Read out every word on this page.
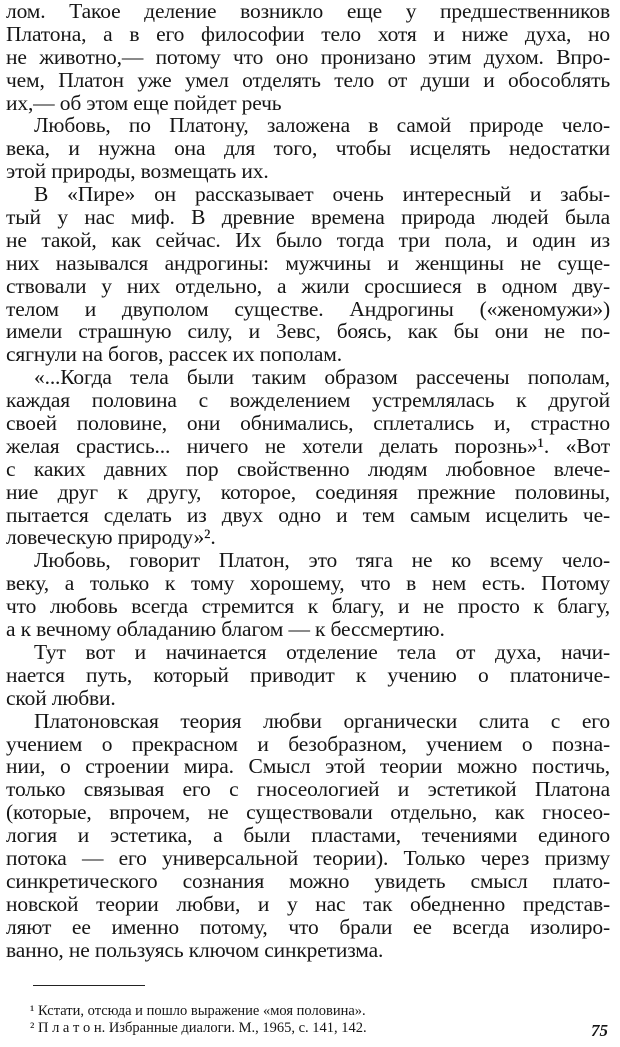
лом. Такое деление возникло еще у предшественников
Платона, а в его философии тело хотя и ниже духа, но
не животно,— потому что оно пронизано этим духом. Впро-
чем, Платон уже умел отделять тело от души и обособлять
их,— об этом еще пойдет речь
Любовь, по Платону, заложена в самой природе чело-
века, и нужна она для того, чтобы исцелять недостатки
этой природы, возмещать их.
В «Пире» он рассказывает очень интересный и забы-
тый у нас миф. В древние времена природа людей была
не такой, как сейчас. Их было тогда три пола, и один из
них назывался андрогины: мужчины и женщины не суще-
ствовали у них отдельно, а жили сросшиеся в одном дву-
телом и двуполом существе. Андрогины («женомужи»)
имели страшную силу, и Зевс, боясь, как бы они не по-
сягнули на богов, рассек их пополам.
«...Когда тела были таким образом рассечены пополам,
каждая половина с вожделением устремлялась к другой
своей половине, они обнимались, сплетались и, страстно
желая срастись... ничего не хотели делать порознь»¹. «Вот
с каких давних пор свойственно людям любовное влече-
ние друг к другу, которое, соединяя прежние половины,
пытается сделать из двух одно и тем самым исцелить че-
ловеческую природу»².
Любовь, говорит Платон, это тяга не ко всему чело-
веку, а только к тому хорошему, что в нем есть. Потому
что любовь всегда стремится к благу, и не просто к благу,
а к вечному обладанию благом — к бессмертию.
Тут вот и начинается отделение тела от духа, начи-
нается путь, который приводит к учению о платониче-
ской любви.
Платоновская теория любви органически слита с его
учением о прекрасном и безобразном, учением о позна-
нии, о строении мира. Смысл этой теории можно постичь,
только связывая его с гносеологией и эстетикой Платона
(которые, впрочем, не существовали отдельно, как гносео-
логия и эстетика, а были пластами, течениями единого
потока — его универсальной теории). Только через призму
синкретического сознания можно увидеть смысл плато-
новской теории любви, и у нас так обедненно представ-
ляют ее именно потому, что брали ее всегда изолиро-
ванно, не пользуясь ключом синкретизма.
¹ Кстати, отсюда и пошло выражение «моя половина».
² П л а т о н. Избранные диалоги. М., 1965, с. 141, 142.	75
